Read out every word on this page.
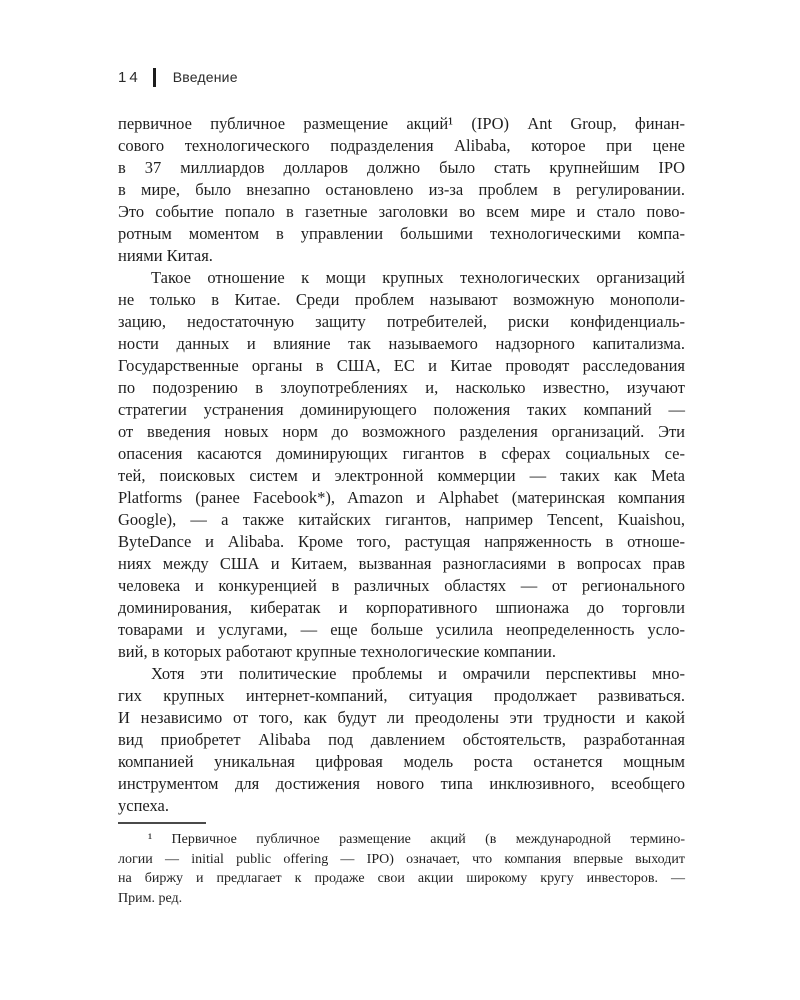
14 Введение
первичное публичное размещение акций¹ (IPO) Ant Group, финан-
сового технологического подразделения Alibaba, которое при цене
в 37 миллиардов долларов должно было стать крупнейшим IPO
в мире, было внезапно остановлено из-за проблем в регулировании.
Это событие попало в газетные заголовки во всем мире и стало пово-
ротным моментом в управлении большими технологическими компа-
ниями Китая.
Такое отношение к мощи крупных технологических организаций
не только в Китае. Среди проблем называют возможную монополи-
зацию, недостаточную защиту потребителей, риски конфиденциаль-
ности данных и влияние так называемого надзорного капитализма.
Государственные органы в США, ЕС и Китае проводят расследования
по подозрению в злоупотреблениях и, насколько известно, изучают
стратегии устранения доминирующего положения таких компаний —
от введения новых норм до возможного разделения организаций. Эти
опасения касаются доминирующих гигантов в сферах социальных се-
тей, поисковых систем и электронной коммерции — таких как Meta
Platforms (ранее Facebook*), Amazon и Alphabet (материнская компания
Google), — а также китайских гигантов, например Tencent, Kuaishou,
ByteDance и Alibaba. Кроме того, растущая напряженность в отноше-
ниях между США и Китаем, вызванная разногласиями в вопросах прав
человека и конкуренцией в различных областях — от регионального
доминирования, кибератак и корпоративного шпионажа до торговли
товарами и услугами, — еще больше усилила неопределенность усло-
вий, в которых работают крупные технологические компании.
Хотя эти политические проблемы и омрачили перспективы мно-
гих крупных интернет-компаний, ситуация продолжает развиваться.
И независимо от того, как будут ли преодолены эти трудности и какой
вид приобретет Alibaba под давлением обстоятельств, разработанная
компанией уникальная цифровая модель роста останется мощным
инструментом для достижения нового типа инклюзивного, всеобщего
успеха.
¹ Первичное публичное размещение акций (в международной термино-
логии — initial public offering — IPO) означает, что компания впервые выходит
на биржу и предлагает к продаже свои акции широкому кругу инвесторов. —
Прим. ред.
